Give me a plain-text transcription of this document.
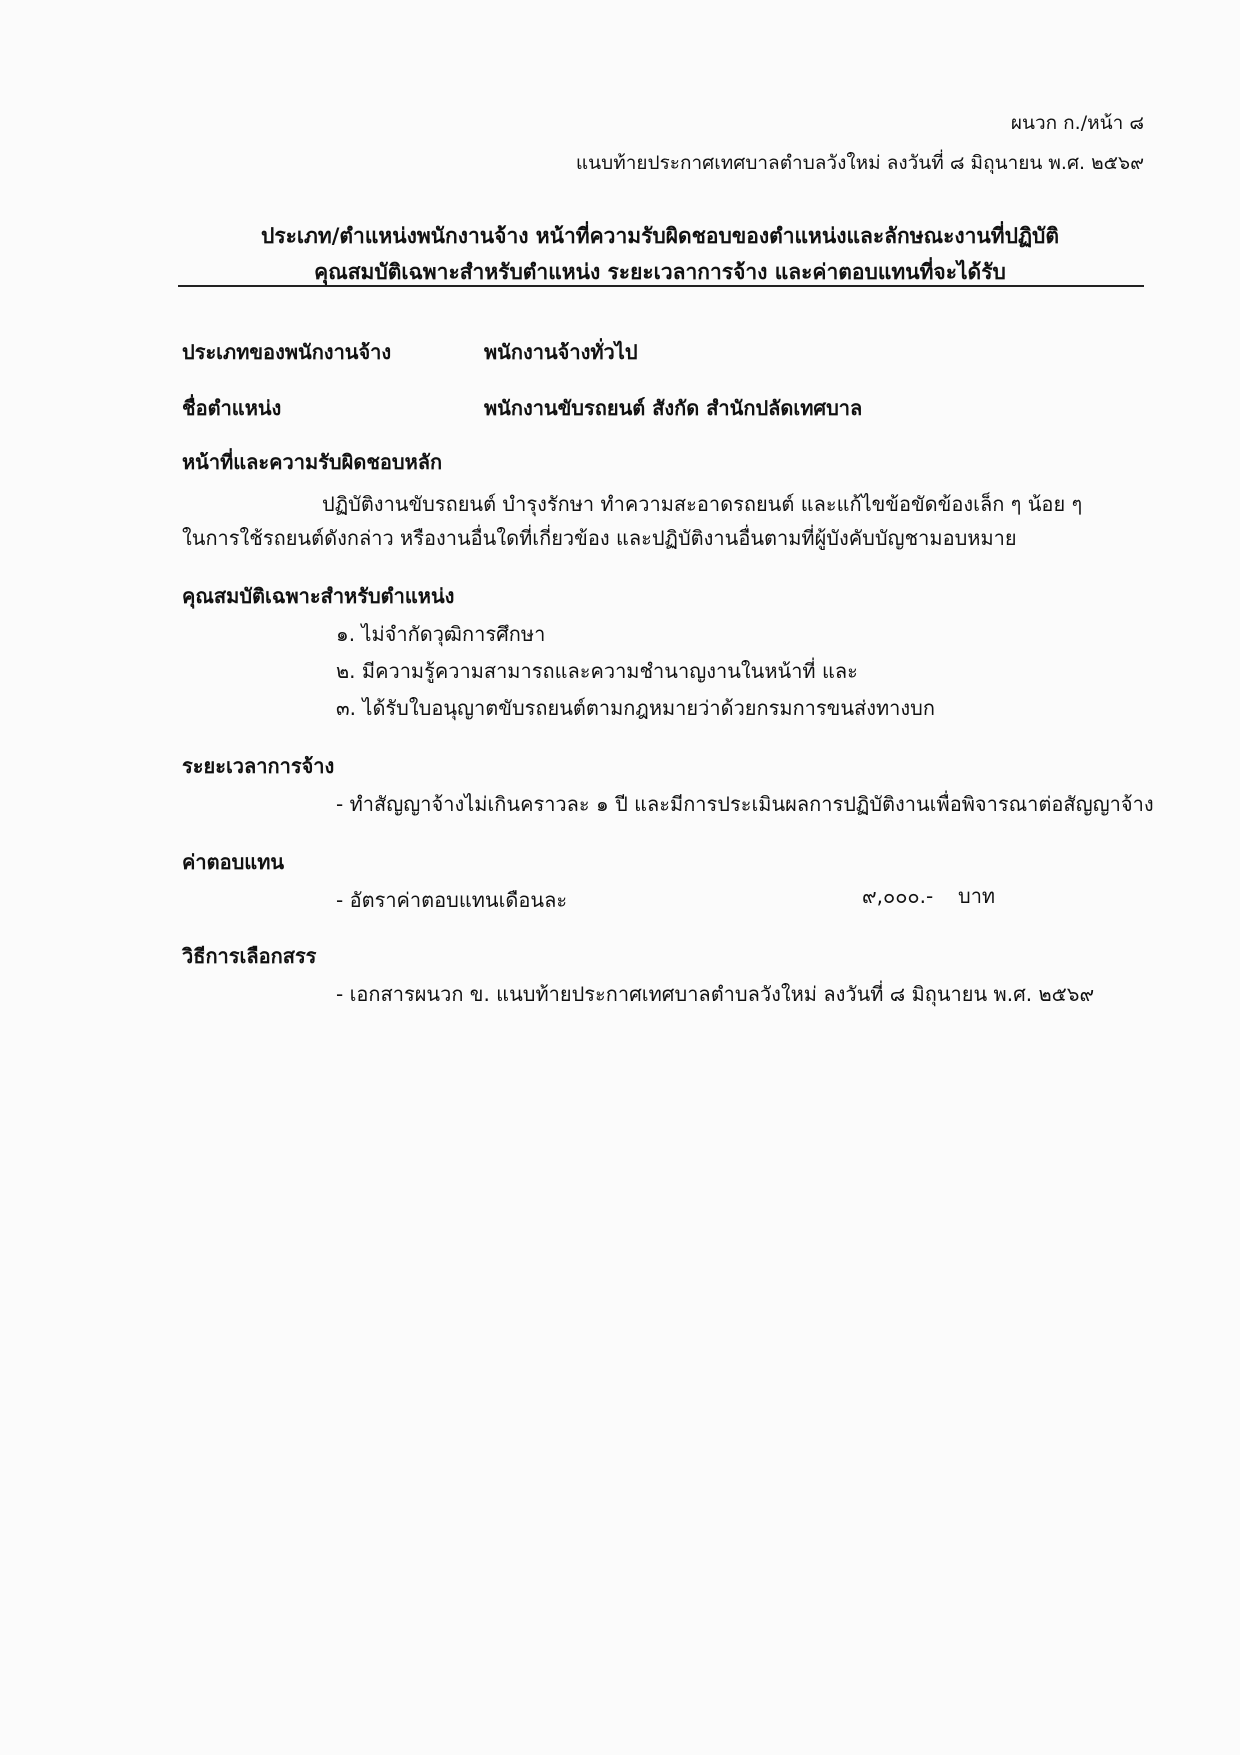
ผนวก ก./หน้า ๘
แนบท้ายประกาศเทศบาลตำบลวังใหม่ ลงวันที่ ๘ มิถุนายน พ.ศ. ๒๕๖๙
ประเภท/ตำแหน่งพนักงานจ้าง หน้าที่ความรับผิดชอบของตำแหน่งและลักษณะงานที่ปฏิบัติ
คุณสมบัติเฉพาะสำหรับตำแหน่ง ระยะเวลาการจ้าง และค่าตอบแทนที่จะได้รับ
ประเภทของพนักงานจ้าง	พนักงานจ้างทั่วไป
ชื่อตำแหน่ง	พนักงานขับรถยนต์ สังกัด สำนักปลัดเทศบาล
หน้าที่และความรับผิดชอบหลัก
ปฏิบัติงานขับรถยนต์ บำรุงรักษา ทำความสะอาดรถยนต์ และแก้ไขข้อขัดข้องเล็ก ๆ น้อย ๆ
ในการใช้รถยนต์ดังกล่าว หรืองานอื่นใดที่เกี่ยวข้อง และปฏิบัติงานอื่นตามที่ผู้บังคับบัญชามอบหมาย
คุณสมบัติเฉพาะสำหรับตำแหน่ง
๑. ไม่จำกัดวุฒิการศึกษา
๒. มีความรู้ความสามารถและความชำนาญงานในหน้าที่ และ
๓. ได้รับใบอนุญาตขับรถยนต์ตามกฎหมายว่าด้วยกรมการขนส่งทางบก
ระยะเวลาการจ้าง
- ทำสัญญาจ้างไม่เกินคราวละ ๑ ปี และมีการประเมินผลการปฏิบัติงานเพื่อพิจารณาต่อสัญญาจ้าง
ค่าตอบแทน
- อัตราค่าตอบแทนเดือนละ	๙,๐๐๐.- บาท
วิธีการเลือกสรร
- เอกสารผนวก ข. แนบท้ายประกาศเทศบาลตำบลวังใหม่ ลงวันที่ ๘ มิถุนายน พ.ศ. ๒๕๖๙
